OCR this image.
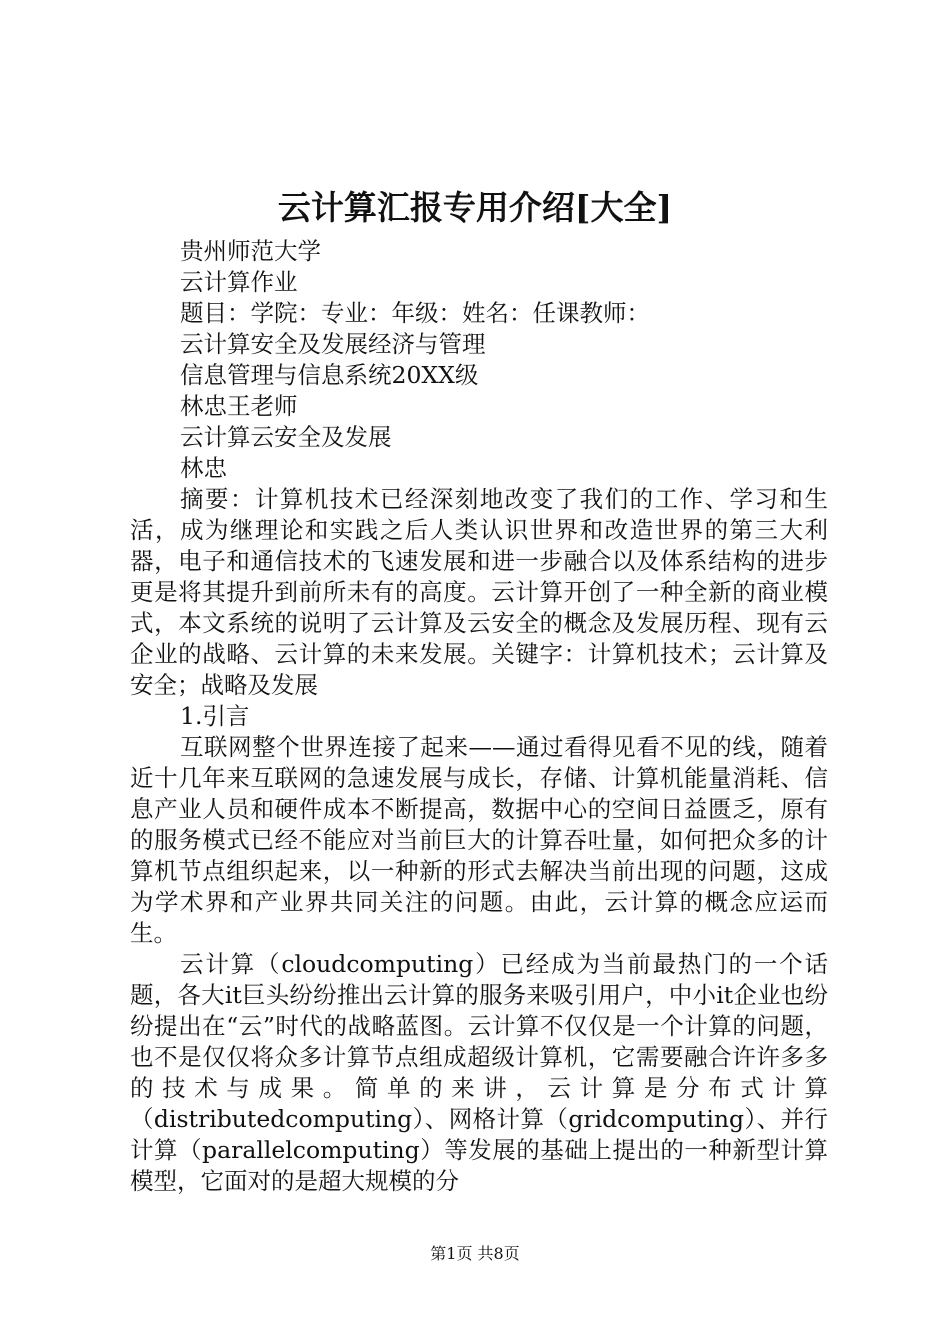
云计算汇报专用介绍[大全]
贵州师范大学
云计算作业
题目：学院：专业：年级：姓名：任课教师：
云计算安全及发展经济与管理
信息管理与信息系统20XX级
林忠王老师
云计算云安全及发展
林忠

摘要：计算机技术已经深刻地改变了我们的工作、学习和生活，成为继理论和实践之后人类认识世界和改造世界的第三大利器，电子和通信技术的飞速发展和进一步融合以及体系结构的进步更是将其提升到前所未有的高度。云计算开创了一种全新的商业模式，本文系统的说明了云计算及云安全的概念及发展历程、现有云企业的战略、云计算的未来发展。关键字：计算机技术；云计算及安全；战略及发展

1.引言

互联网整个世界连接了起来——通过看得见看不见的线，随着近十几年来互联网的急速发展与成长，存储、计算机能量消耗、信息产业人员和硬件成本不断提高，数据中心的空间日益匮乏，原有的服务模式已经不能应对当前巨大的计算吞吐量，如何把众多的计算机节点组织起来，以一种新的形式去解决当前出现的问题，这成为学术界和产业界共同关注的问题。由此，云计算的概念应运而生。

云计算（cloudcomputing）已经成为当前最热门的一个话题，各大it巨头纷纷推出云计算的服务来吸引用户，中小it企业也纷纷提出在“云”时代的战略蓝图。云计算不仅仅是一个计算的问题，也不是仅仅将众多计算节点组成超级计算机，它需要融合许许多多的技术与成果。简单的来讲，云计算是分布式计算（distributedcomputing）、网格计算（gridcomputing）、并行计算（parallelcomputing）等发展的基础上提出的一种新型计算模型，它面对的是超大规模的分

第1页 共8页
